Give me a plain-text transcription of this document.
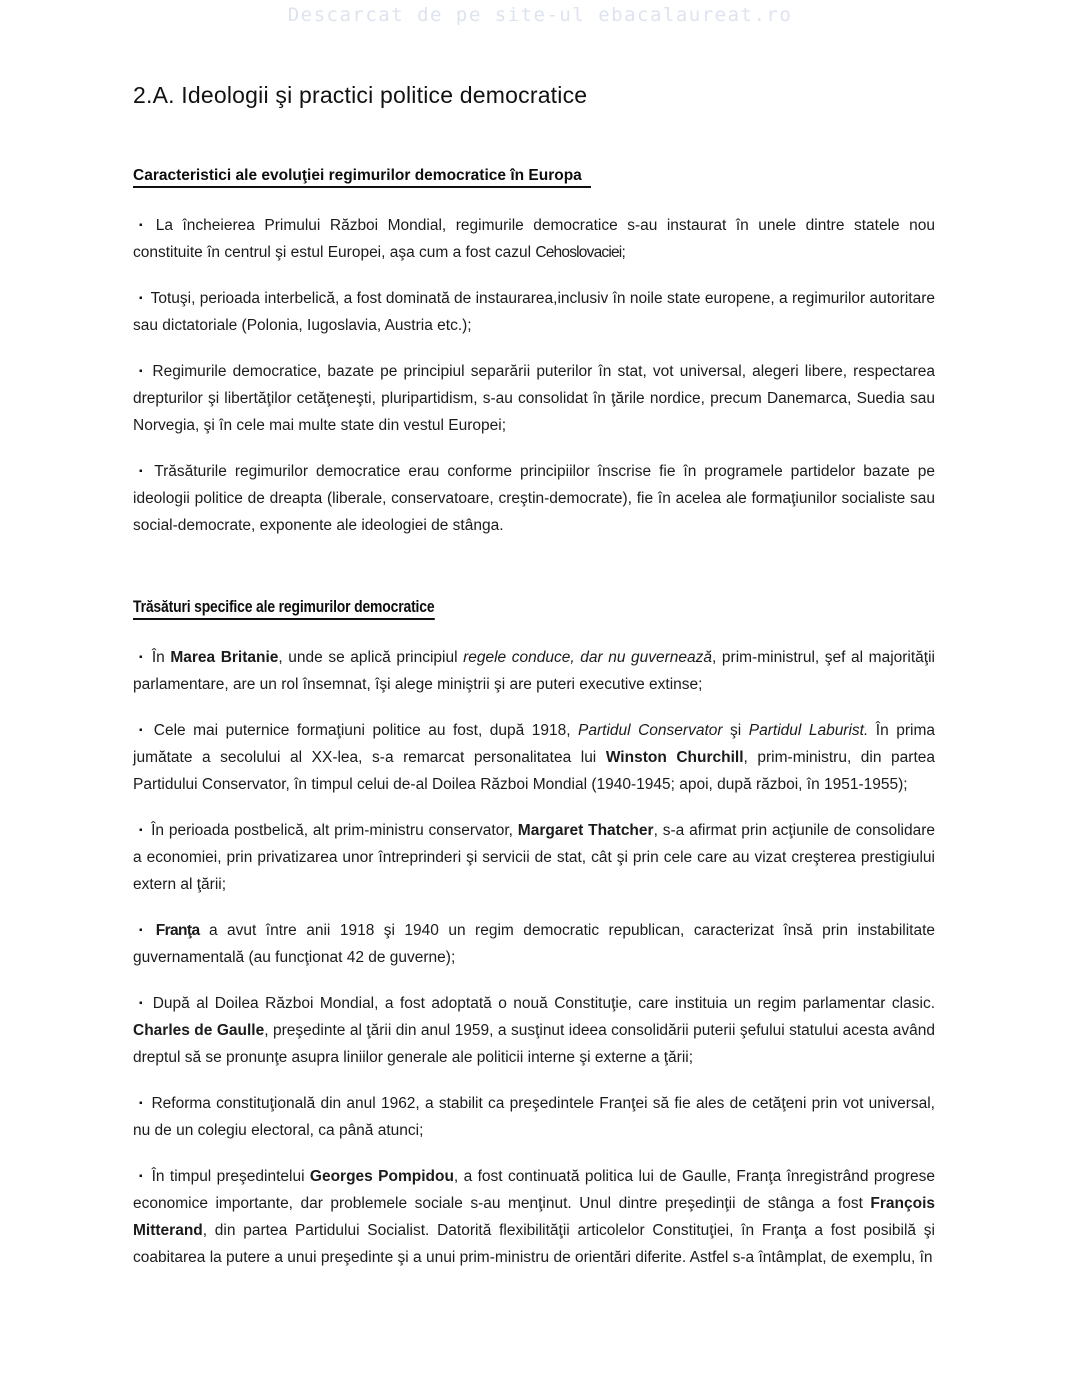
Descarcat de pe site-ul ebacalaureat.ro
2.A. Ideologii şi practici politice democratice
Caracteristici ale evoluţiei regimurilor democratice în Europa

▪ La încheierea Primului Război Mondial, regimurile democratice s-au instaurat în unele dintre statele nou constituite în centrul şi estul Europei, aşa cum a fost cazul Cehoslovaciei;

▪ Totuşi, perioada interbelică, a fost dominată de instaurarea,inclusiv în noile state europene, a regimurilor autoritare sau dictatoriale (Polonia, Iugoslavia, Austria etc.);

▪ Regimurile democratice, bazate pe principiul separării puterilor în stat, vot universal, alegeri libere, respectarea drepturilor şi libertăţilor cetăţeneşti, pluripartidism, s-au consolidat în ţările nordice, precum Danemarca, Suedia sau Norvegia, şi în cele mai multe state din vestul Europei;

▪ Trăsăturile regimurilor democratice erau conforme principiilor înscrise fie în programele partidelor bazate pe ideologii politice de dreapta (liberale, conservatoare, creştin-democrate), fie în acelea ale formaţiunilor socialiste sau social-democrate, exponente ale ideologiei de stânga.

Trăsături specifice ale regimurilor democratice

▪ În Marea Britanie, unde se aplică principiul regele conduce, dar nu guvernează, prim-ministrul, şef al majorităţii parlamentare, are un rol însemnat, îşi alege miniştrii şi are puteri executive extinse;

▪ Cele mai puternice formaţiuni politice au fost, după 1918, Partidul Conservator şi Partidul Laburist. În prima jumătate a secolului al XX-lea, s-a remarcat personalitatea lui Winston Churchill, prim-ministru, din partea Partidului Conservator, în timpul celui de-al Doilea Război Mondial (1940-1945; apoi, după război, în 1951-1955);

▪ În perioada postbelică, alt prim-ministru conservator, Margaret Thatcher, s-a afirmat prin acţiunile de consolidare a economiei, prin privatizarea unor întreprinderi şi servicii de stat, cât şi prin cele care au vizat creşterea prestigiului extern al ţării;

▪ Franţa a avut între anii 1918 şi 1940 un regim democratic republican, caracterizat însă prin instabilitate guvernamentală (au funcţionat 42 de guverne);

▪ După al Doilea Război Mondial, a fost adoptată o nouă Constituţie, care instituia un regim parlamentar clasic. Charles de Gaulle, preşedinte al ţării din anul 1959, a susţinut ideea consolidării puterii şefului statului acesta având dreptul să se pronunţe asupra liniilor generale ale politicii interne şi externe a ţării;

▪ Reforma constituţională din anul 1962, a stabilit ca preşedintele Franţei să fie ales de cetăţeni prin vot universal, nu de un colegiu electoral, ca până atunci;

▪ În timpul preşedintelui Georges Pompidou, a fost continuată politica lui de Gaulle, Franţa înregistrând progrese economice importante, dar problemele sociale s-au menţinut. Unul dintre preşedinţii de stânga a fost François Mitterand, din partea Partidului Socialist. Datorită flexibilităţii articolelor Constituţiei, în Franţa a fost posibilă şi coabitarea la putere a unui preşedinte şi a unui prim-ministru de orientări diferite. Astfel s-a întâmplat, de exemplu, în
